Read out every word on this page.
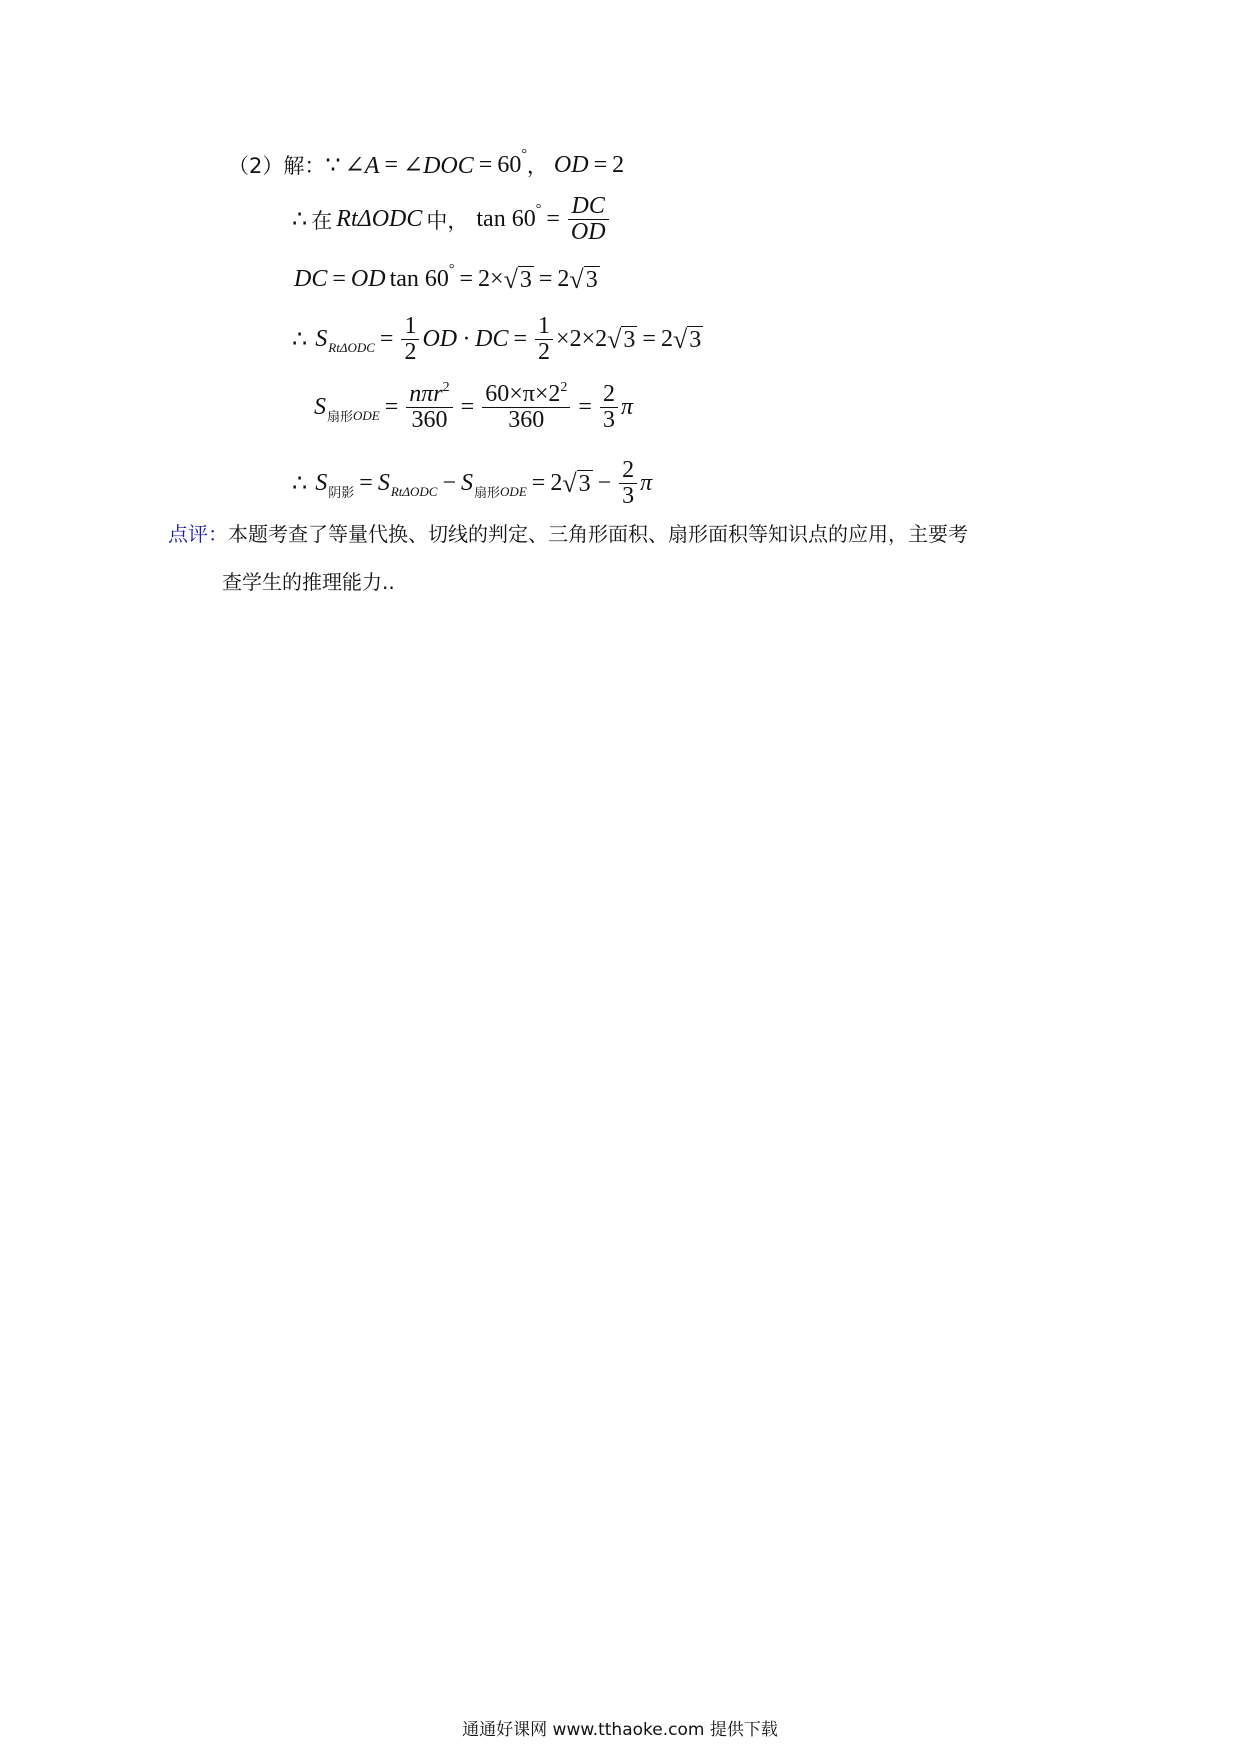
（2）解： ∵ ∠A = ∠DOC = 60 ° ， OD = 2
∴ 在 RtΔODC 中， tan 60 ° = $\frac{DC}{OD}$
DC = OD tan 60 ° = 2 × √ 3 = 2 √ 3
∴ S $Rt\Delta ODC = \frac{1}{2}$ OD · DC = $\frac{1}{2} \times 2\times 2$ √ 3 = 2 √ 3
S 扇形 ODE = $\frac{n\pi r^2}{360} = \frac{60\times\pi\times 2^2}{360} = \frac{2}{3}$ π
∴ S 阴影 = S RtΔODC − S 扇形 ODE = 2 √ $3 - \frac{2}{3}$ π
点评：本题考查了等量代换、切线的判定、三角形面积、扇形面积等知识点的应用，主要考
查学生的推理能力..
通通好课网 www.tthaoke.com 提供下载
